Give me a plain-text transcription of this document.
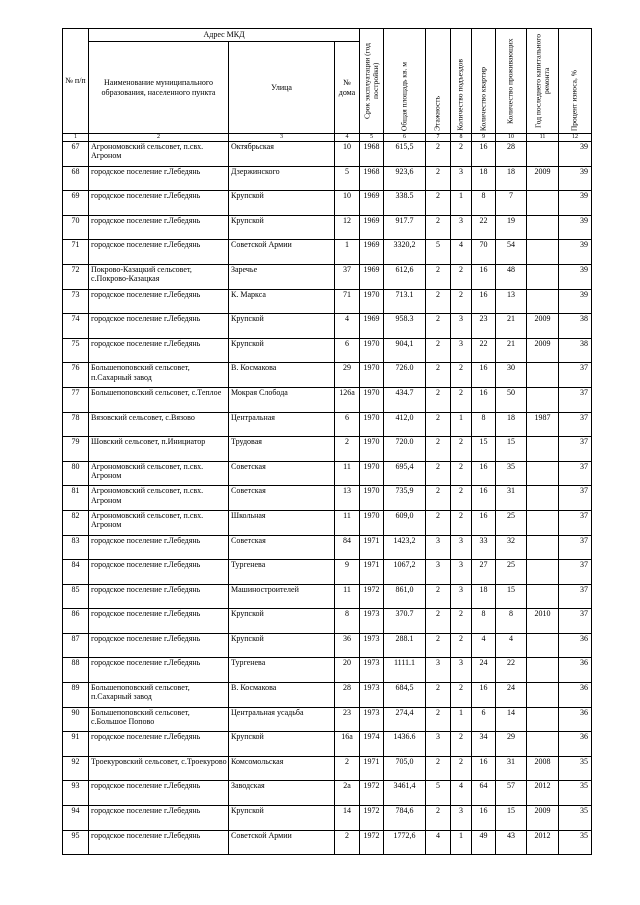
№ п/п	Адрес МКД			Срок эксплуатации (год постройки)	Общая площадь кв. м	Этажность	Количество подъездов	Количество квартир	Количество проживающих	Год последнего капитального ремонта	Процент износа, %

	Наименование муниципального образования, населенного пункта	Улица	№ дома								
1	2	3	4	5	6	7	8	9	10	11	12
67	Агрономовский сельсовет, п.свх. Агроном	Октябрьская	10	1968	615,5	2	2	16	28		39
68	городское поселение г.Лебедянь	Дзержинского	5	1968	923,6	2	3	18	18	2009	39
69	городское поселение г.Лебедянь	Крупской	10	1969	338.5	2	1	8	7		39
70	городское поселение г.Лебедянь	Крупской	12	1969	917.7	2	3	22	19		39
71	городское поселение г.Лебедянь	Советской Армии	1	1969	3320,2	5	4	70	54		39
72	Покрово-Казацкий сельсовет, с.Покрово-Казацкая	Заречье	37	1969	612,6	2	2	16	48		39
73	городское поселение г.Лебедянь	К. Маркса	71	1970	713.1	2	2	16	13		39
74	городское поселение г.Лебедянь	Крупской	4	1969	958.3	2	3	23	21	2009	38
75	городское поселение г.Лебедянь	Крупской	6	1970	904,1	2	3	22	21	2009	38
76	Большепоповский сельсовет, п.Сахарный завод	В. Космакова	29	1970	726.0	2	2	16	30		37
77	Большепоповский сельсовет, с.Теплое	Мокрая Слобода	126а	1970	434.7	2	2	16	50		37
78	Вязовский сельсовет, с.Вязово	Центральная	6	1970	412,0	2	1	8	18	1987	37
79	Шовский сельсовет, п.Инициатор	Трудовая	2	1970	720.0	2	2	15	15		37
80	Агрономовский сельсовет, п.свх. Агроном	Советская	11	1970	695,4	2	2	16	35		37
81	Агрономовский сельсовет, п.свх. Агроном	Советская	13	1970	735,9	2	2	16	31		37
82	Агрономовский сельсовет, п.свх. Агроном	Школьная	11	1970	609,0	2	2	16	25		37
83	городское поселение г.Лебедянь	Советская	84	1971	1423,2	3	3	33	32		37
84	городское поселение г.Лебедянь	Тургенева	9	1971	1067,2	3	3	27	25		37
85	городское поселение г.Лебедянь	Машиностроителей	11	1972	861,0	2	3	18	15		37
86	городское поселение г.Лебедянь	Крупской	8	1973	370.7	2	2	8	8	2010	37
87	городское поселение г.Лебедянь	Крупской	36	1973	288.1	2	2	4	4		36
88	городское поселение г.Лебедянь	Тургенева	20	1973	1111.1	3	3	24	22		36
89	Большепоповский сельсовет, п.Сахарный завод	В. Космакова	28	1973	684,5	2	2	16	24		36
90	Большепоповский сельсовет, с.Большое Попово	Центральная усадьба	23	1973	274,4	2	1	6	14		36
91	городское поселение г.Лебедянь	Крупской	16а	1974	1436.6	3	2	34	29		36
92	Троекуровский сельсовет, с.Троекурово	Комсомольская	2	1971	705,0	2	2	16	31	2008	35
93	городское поселение г.Лебедянь	Заводская	2а	1972	3461,4	5	4	64	57	2012	35
94	городское поселение г.Лебедянь	Крупской	14	1972	784,6	2	3	16	15	2009	35
95	городское поселение г.Лебедянь	Советской Армии	2	1972	1772,6	4	1	49	43	2012	35
